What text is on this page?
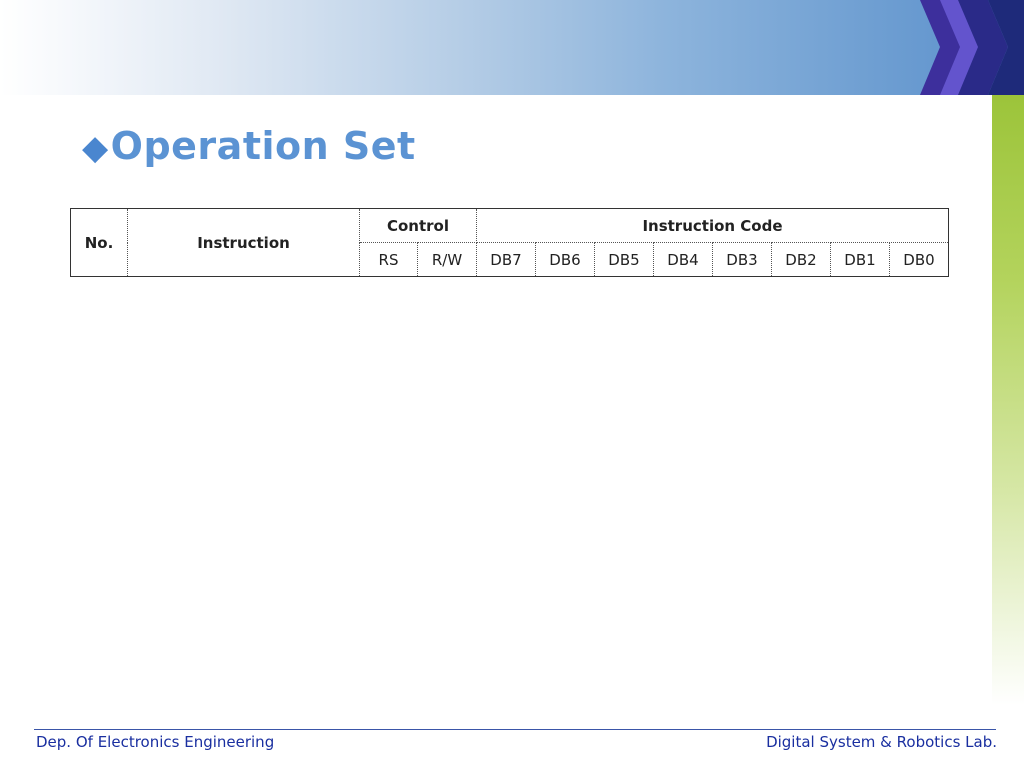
◆Operation Set
No.	Instruction	Control		Instruction Code							
		RS	R/W	DB7	DB6	DB5	DB4	DB3	DB2	DB1	DB0
Dep. Of Electronics Engineering	Digital System & Robotics Lab.
